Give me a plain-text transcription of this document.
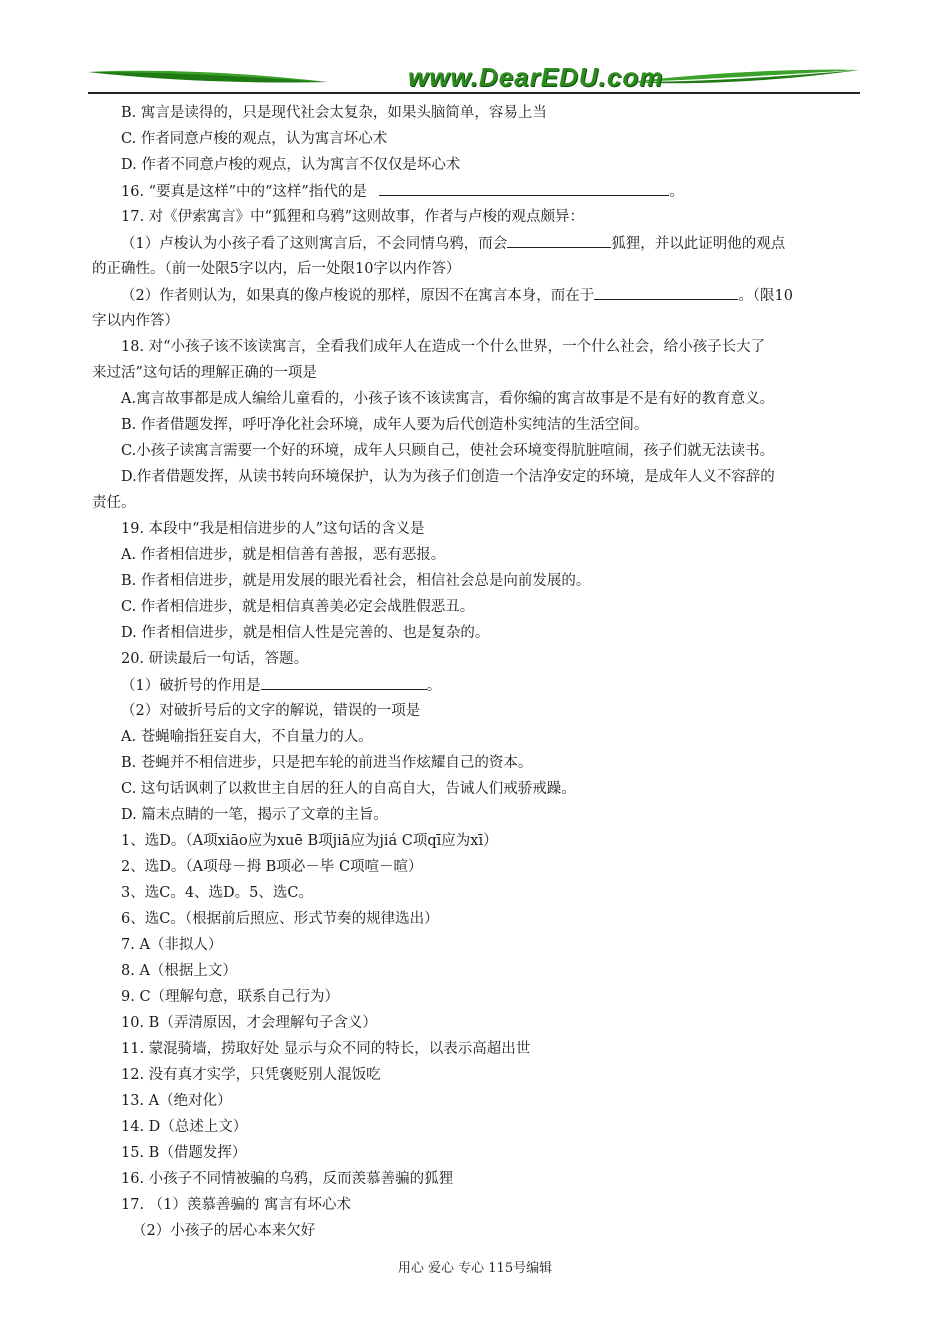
www.DearEDU.com
B. 寓言是读得的，只是现代社会太复杂，如果头脑简单，容易上当
C. 作者同意卢梭的观点，认为寓言坏心术
D. 作者不同意卢梭的观点，认为寓言不仅仅是坏心术
16. “要真是这样”中的“这样”指代的是	。
17. 对《伊索寓言》中“狐狸和乌鸦”这则故事，作者与卢梭的观点颇异：
（1）卢梭认为小孩子看了这则寓言后，不会同情乌鸦，而会	狐狸，并以此证明他的观点
的正确性。（前一处限5字以内，后一处限10字以内作答）
（2）作者则认为，如果真的像卢梭说的那样，原因不在寓言本身，而在于	。（限10
字以内作答）
18. 对“小孩子该不该读寓言，全看我们成年人在造成一个什么世界，一个什么社会，给小孩子长大了
来过活”这句话的理解正确的一项是
A.寓言故事都是成人编给儿童看的，小孩子该不该读寓言，看你编的寓言故事是不是有好的教育意义。
B. 作者借题发挥，呼吁净化社会环境，成年人要为后代创造朴实纯洁的生活空间。
C.小孩子读寓言需要一个好的环境，成年人只顾自己，使社会环境变得肮脏喧闹，孩子们就无法读书。
D.作者借题发挥，从读书转向环境保护，认为为孩子们创造一个洁净安定的环境，是成年人义不容辞的
责任。
19. 本段中“我是相信进步的人”这句话的含义是
A. 作者相信进步，就是相信善有善报，恶有恶报。
B. 作者相信进步，就是用发展的眼光看社会，相信社会总是向前发展的。
C. 作者相信进步，就是相信真善美必定会战胜假恶丑。
D. 作者相信进步，就是相信人性是完善的、也是复杂的。
20. 研读最后一句话，答题。
（1）破折号的作用是	。
（2）对破折号后的文字的解说，错误的一项是
A. 苍蝇喻指狂妄自大，不自量力的人。
B. 苍蝇并不相信进步，只是把车轮的前进当作炫耀自己的资本。
C. 这句话讽刺了以救世主自居的狂人的自高自大，告诫人们戒骄戒躁。
D. 篇末点睛的一笔，揭示了文章的主旨。
1、选D。（A项xiāo应为xuē B项jiā应为jiá C项qī应为xī）
2、选D。（A项母－拇 B项必－毕 C项喧－暄）
3、选C。4、选D。5、选C。
6、选C。（根据前后照应、形式节奏的规律选出）
7. A（非拟人）
8. A（根据上文）
9. C（理解句意，联系自己行为）
10. B（弄清原因，才会理解句子含义）
11. 蒙混骑墙，捞取好处 显示与众不同的特长，以表示高超出世
12. 没有真才实学，只凭褒贬别人混饭吃
13. A（绝对化）
14. D（总述上文）
15. B（借题发挥）
16. 小孩子不同情被骗的乌鸦，反而羡慕善骗的狐狸
17. （1）羡慕善骗的 寓言有坏心术
（2）小孩子的居心本来欠好
用心 爱心 专心 115号编辑
